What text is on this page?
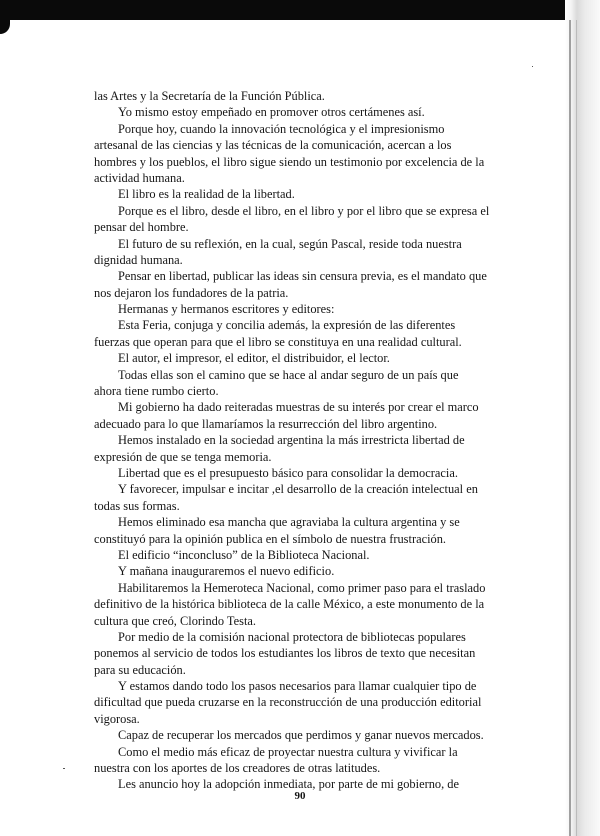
las Artes y la Secretaría de la Función Pública.
Yo mismo estoy empeñado en promover otros certámenes así.
Porque hoy, cuando la innovación tecnológica y el impresionismo
artesanal de las ciencias y las técnicas de la comunicación, acercan a los
hombres y los pueblos, el libro sigue siendo un testimonio por excelencia de la
actividad humana.
El libro es la realidad de la libertad.
Porque es el libro, desde el libro, en el libro y por el libro que se expresa el
pensar del hombre.
El futuro de su reflexión, en la cual, según Pascal, reside toda nuestra
dignidad humana.
Pensar en libertad, publicar las ideas sin censura previa, es el mandato que
nos dejaron los fundadores de la patria.
Hermanas y hermanos escritores y editores:
Esta Feria, conjuga y concilia además, la expresión de las diferentes
fuerzas que operan para que el libro se constituya en una realidad cultural.
El autor, el impresor, el editor, el distribuidor, el lector.
Todas ellas son el camino que se hace al andar seguro de un país que
ahora tiene rumbo cierto.
Mi gobierno ha dado reiteradas muestras de su interés por crear el marco
adecuado para lo que llamaríamos la resurrección del libro argentino.
Hemos instalado en la sociedad argentina la más irrestricta libertad de
expresión de que se tenga memoria.
Libertad que es el presupuesto básico para consolidar la democracia.
Y favorecer, impulsar e incitar ,el desarrollo de la creación intelectual en
todas sus formas.
Hemos eliminado esa mancha que agraviaba la cultura argentina y se
constituyó para la opinión publica en el símbolo de nuestra frustración.
El edificio “inconcluso” de la Biblioteca Nacional.
Y mañana inauguraremos el nuevo edificio.
Habilitaremos la Hemeroteca Nacional, como primer paso para el traslado
definitivo de la histórica biblioteca de la calle México, a este monumento de la
cultura que creó, Clorindo Testa.
Por medio de la comisión nacional protectora de bibliotecas populares
ponemos al servicio de todos los estudiantes los libros de texto que necesitan
para su educación.
Y estamos dando todo los pasos necesarios para llamar cualquier tipo de
dificultad que pueda cruzarse en la reconstrucción de una producción editorial
vigorosa.
Capaz de recuperar los mercados que perdimos y ganar nuevos mercados.
Como el medio más eficaz de proyectar nuestra cultura y vivificar la
nuestra con los aportes de los creadores de otras latitudes.
Les anuncio hoy la adopción inmediata, por parte de mi gobierno, de
90
